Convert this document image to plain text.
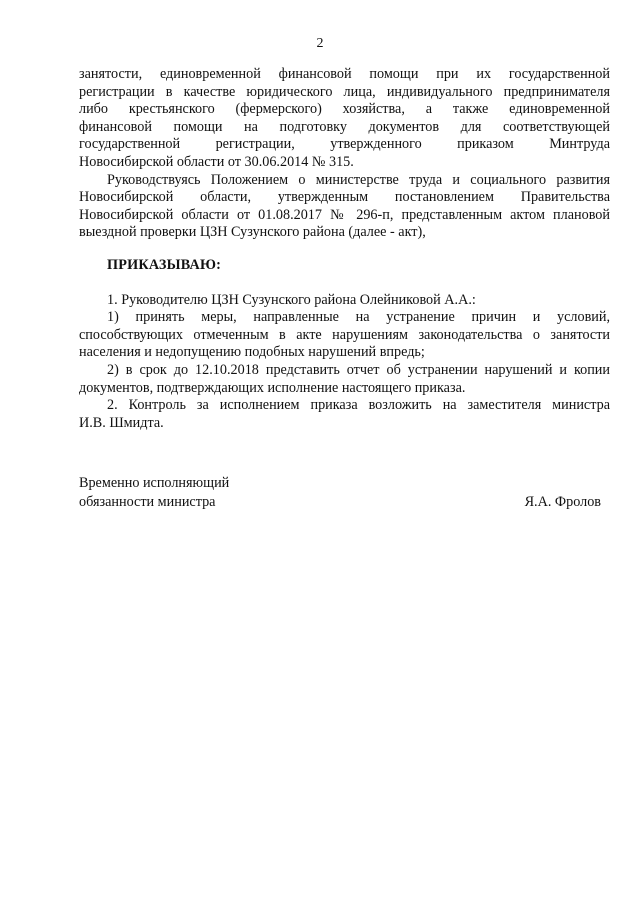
2
занятости, единовременной финансовой помощи при их государственной
регистрации в качестве юридического лица, индивидуального предпринимателя
либо крестьянского (фермерского) хозяйства, а также единовременной
финансовой помощи на подготовку документов для соответствующей
государственной регистрации, утвержденного приказом Минтруда
Новосибирской области от 30.06.2014 № 315.
Руководствуясь Положением о министерстве труда и социального развития
Новосибирской области, утвержденным постановлением Правительства
Новосибирской области от 01.08.2017 № 296-п, представленным актом плановой
выездной проверки ЦЗН Сузунского района (далее - акт),
ПРИКАЗЫВАЮ:
1. Руководителю ЦЗН Сузунского района Олейниковой А.А.:
1) принять меры, направленные на устранение причин и условий,
способствующих отмеченным в акте нарушениям законодательства о занятости
населения и недопущению подобных нарушений впредь;
2) в срок до 12.10.2018 представить отчет об устранении нарушений и копии
документов, подтверждающих исполнение настоящего приказа.
2. Контроль за исполнением приказа возложить на заместителя министра
И.В. Шмидта.
Временно исполняющий
обязанности министра	Я.А. Фролов
